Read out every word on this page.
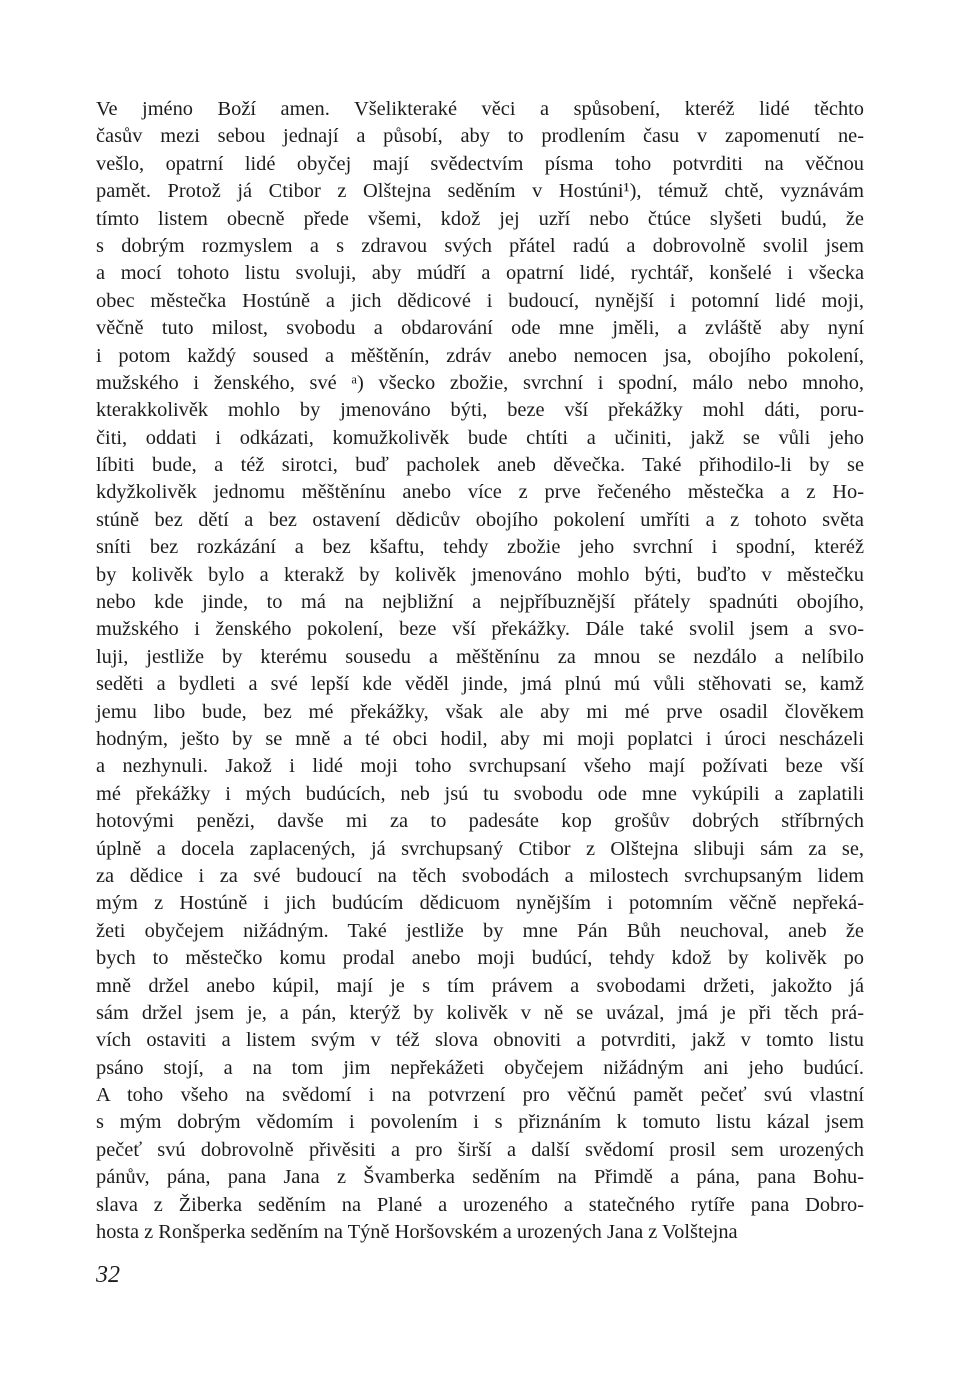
Ve jméno Boží amen. Všelikteraké věci a spůsobení, kteréž lidé těchto
časův mezi sebou jednají a působí, aby to prodlením času v zapomenutí ne-
vešlo, opatrní lidé obyčej mají svědectvím písma toho potvrditi na věčnou
pamět. Protož já Ctibor z Olštejna seděním v Hostúni¹), témuž chtě, vyznávám
tímto listem obecně přede všemi, kdož jej uzří nebo čtúce slyšeti budú, že
s dobrým rozmyslem a s zdravou svých přátel radú a dobrovolně svolil jsem
a mocí tohoto listu svoluji, aby múdří a opatrní lidé, rychtář, konšelé i všecka
obec městečka Hostúně a jich dědicové i budoucí, nynější i potomní lidé moji,
věčně tuto milost, svobodu a obdarování ode mne jměli, a zvláště aby nyní
i potom každý soused a měštěnín, zdráv anebo nemocen jsa, obojího pokolení,
mužského i ženského, své ᵃ) všecko zbožie, svrchní i spodní, málo nebo mnoho,
kterakkolivěk mohlo by jmenováno býti, beze vší překážky mohl dáti, poru-
čiti, oddati i odkázati, komužkolivěk bude chtíti a učiniti, jakž se vůli jeho
líbiti bude, a též sirotci, buď pacholek aneb děvečka. Také přihodilo-li by se
kdyžkolivěk jednomu měštěnínu anebo více z prve řečeného městečka a z Ho-
stúně bez dětí a bez ostavení dědicův obojího pokolení umříti a z tohoto světa
sníti bez rozkázání a bez kšaftu, tehdy zbožie jeho svrchní i spodní, kteréž
by kolivěk bylo a kterakž by kolivěk jmenováno mohlo býti, buďto v městečku
nebo kde jinde, to má na nejbližní a nejpříbuznější přátely spadnúti obojího,
mužského i ženského pokolení, beze vší překážky. Dále také svolil jsem a svo-
luji, jestliže by kterému sousedu a měštěnínu za mnou se nezdálo a nelíbilo
seděti a bydleti a své lepší kde věděl jinde, jmá plnú mú vůli stěhovati se, kamž
jemu libo bude, bez mé překážky, však ale aby mi mé prve osadil člověkem
hodným, ješto by se mně a té obci hodil, aby mi moji poplatci i úroci nescházeli
a nezhynuli. Jakož i lidé moji toho svrchupsaní všeho mají požívati beze vší
mé překážky i mých budúcích, neb jsú tu svobodu ode mne vykúpili a zaplatili
hotovými penězi, davše mi za to padesáte kop grošův dobrých stříbrných
úplně a docela zaplacených, já svrchupsaný Ctibor z Olštejna slibuji sám za se,
za dědice i za své budoucí na těch svobodách a milostech svrchupsaným lidem
mým z Hostúně i jich budúcím dědicuom nynějším i potomním věčně nepřeká-
žeti obyčejem nižádným. Také jestliže by mne Pán Bůh neuchoval, aneb že
bych to městečko komu prodal anebo moji budúcí, tehdy kdož by kolivěk po
mně držel anebo kúpil, mají je s tím právem a svobodami držeti, jakožto já
sám držel jsem je, a pán, kterýž by kolivěk v ně se uvázal, jmá je při těch prá-
vích ostaviti a listem svým v též slova obnoviti a potvrditi, jakž v tomto listu
psáno stojí, a na tom jim nepřekážeti obyčejem nižádným ani jeho budúcí.
A toho všeho na svědomí i na potvrzení pro věčnú pamět pečeť svú vlastní
s mým dobrým vědomím i povolením i s přiznáním k tomuto listu kázal jsem
pečeť svú dobrovolně přivěsiti a pro širší a další svědomí prosil sem urozených
pánův, pána, pana Jana z Švamberka seděním na Přimdě a pána, pana Bohu-
slava z Žiberka seděním na Plané a urozeného a statečného rytíře pana Dobro-
hosta z Ronšperka seděním na Týně Horšovském a urozených Jana z Volštejna
32
